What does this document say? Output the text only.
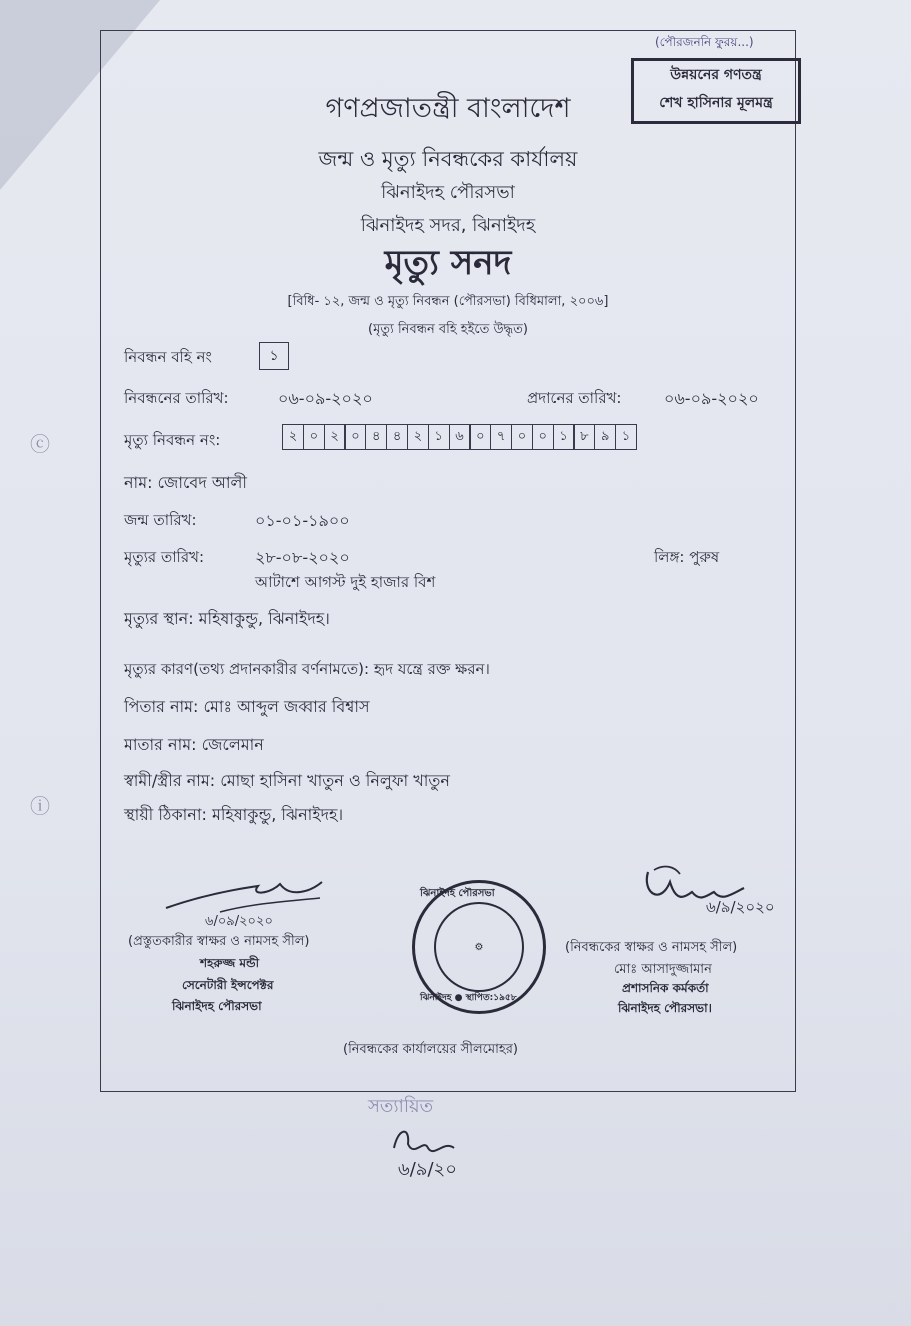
ⓒ
ⓘ
(পৌরজননি ফুরয়...)
উন্নয়নের গণতন্ত্র
শেখ হাসিনার মূলমন্ত্র
গণপ্রজাতন্ত্রী বাংলাদেশ
জন্ম ও মৃত্যু নিবন্ধকের কার্যালয়
ঝিনাইদহ পৌরসভা
ঝিনাইদহ সদর, ঝিনাইদহ
মৃত্যু সনদ
[বিধি- ১২, জন্ম ও মৃত্যু নিবন্ধন (পৌরসভা) বিধিমালা, ২০০৬]
(মৃত্যু নিবন্ধন বহি হইতে উদ্ধৃত)
নিবন্ধন বহি নং	১
নিবন্ধনের তারিখ:	০৬-০৯-২০২০	প্রদানের তারিখ:	০৬-০৯-২০২০
মৃত্যু নিবন্ধন নং:	২ ০ ২ ০ ৪ ৪ ২ ১ ৬ ০ ৭ ০ ০ ১ ৮ ৯ ১
নাম: জোবেদ আলী
জন্ম তারিখ:	০১-০১-১৯০০
মৃত্যুর তারিখ:	২৮-০৮-২০২০
আটাশে আগস্ট দুই হাজার বিশ
লিঙ্গ: পুরুষ
মৃত্যুর স্থান: মহিষাকুন্ডু, ঝিনাইদহ।
মৃত্যুর কারণ(তথ্য প্রদানকারীর বর্ণনামতে): হৃদ যন্ত্রে রক্ত ক্ষরন।
পিতার নাম: মোঃ আব্দুল জব্বার বিশ্বাস
মাতার নাম: জেলেমান
স্বামী/স্ত্রীর নাম: মোছা হাসিনা খাতুন ও নিলুফা খাতুন
স্থায়ী ঠিকানা: মহিষাকুন্ডু, ঝিনাইদহ।
৬/০৯/২০২০
(প্রস্তুতকারীর স্বাক্ষর ও নামসহ সীল)
শহরুজ্জ মন্ডী
সেনেটারী ইন্সপেক্টর
ঝিনাইদহ পৌরসভা
⚙
ঝিনাইদহ পৌরসভা
ঝিনাইদহ ● স্থাপিত:১৯৫৮
(নিবন্ধকের কার্যালয়ের সীলমোহর)
৬/৯/২০২০
(নিবন্ধকের স্বাক্ষর ও নামসহ সীল)
মোঃ আসাদুজ্জামান
প্রশাসনিক কর্মকর্তা
ঝিনাইদহ পৌরসভা।
সত্যায়িত
৬/৯/২০
